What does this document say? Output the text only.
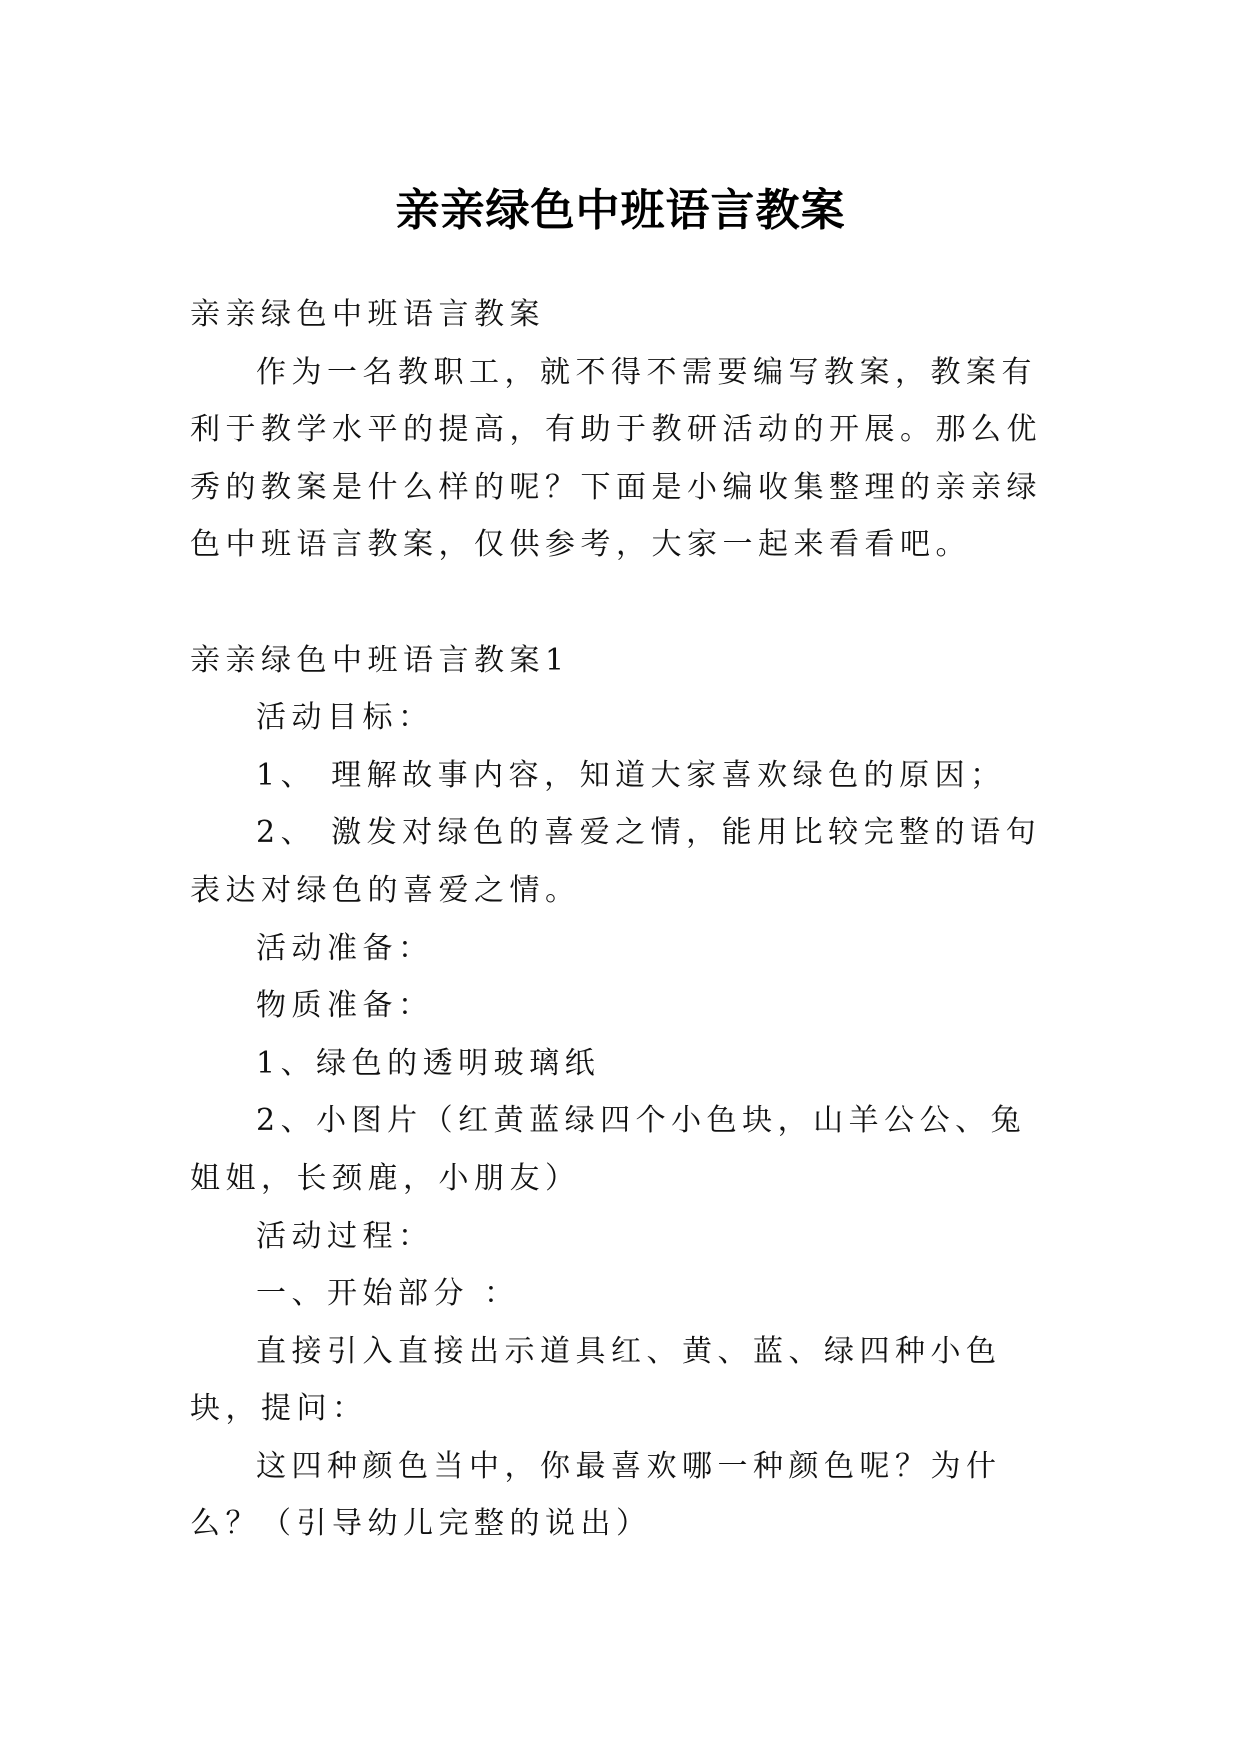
亲亲绿色中班语言教案

亲亲绿色中班语言教案

作为一名教职工，就不得不需要编写教案，教案有利于教学水平的提高，有助于教研活动的开展。那么优秀的教案是什么样的呢？下面是小编收集整理的亲亲绿色中班语言教案，仅供参考，大家一起来看看吧。

亲亲绿色中班语言教案1

活动目标：

1、 理解故事内容，知道大家喜欢绿色的原因；

2、 激发对绿色的喜爱之情，能用比较完整的语句表达对绿色的喜爱之情。

活动准备：

物质准备：

1、绿色的透明玻璃纸

2、小图片（红黄蓝绿四个小色块，山羊公公、兔姐姐，长颈鹿，小朋友）

活动过程：

一、开始部分 ：

直接引入直接出示道具红、黄、蓝、绿四种小色块，提问：

这四种颜色当中，你最喜欢哪一种颜色呢？为什么？（引导幼儿完整的说出）
